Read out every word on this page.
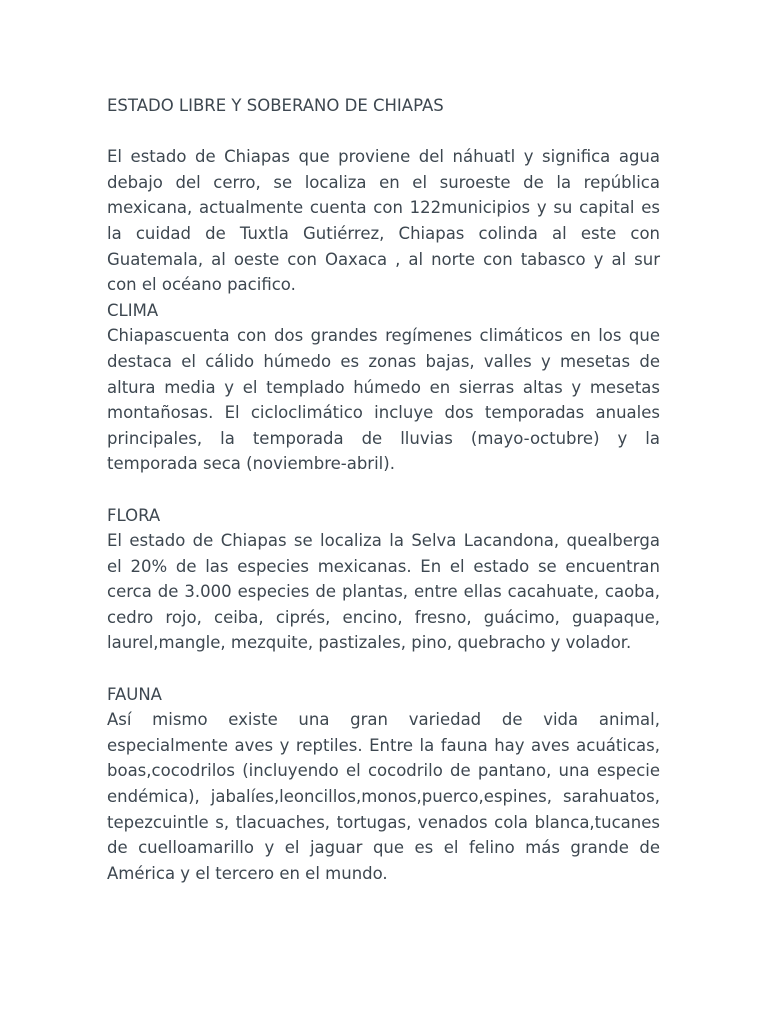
ESTADO LIBRE Y SOBERANO DE CHIAPAS

El estado de Chiapas que proviene del náhuatl y significa agua debajo del cerro, se localiza en el suroeste de la república mexicana, actualmente cuenta con 122municipios y su capital es la cuidad de Tuxtla Gutiérrez, Chiapas colinda al este con Guatemala, al oeste con Oaxaca , al norte con tabasco y al sur con el océano pacifico.

CLIMA

Chiapascuenta con dos grandes regímenes climáticos en los que destaca el cálido húmedo es zonas bajas, valles y mesetas de altura media y el templado húmedo en sierras altas y mesetas montañosas. El cicloclimático incluye dos temporadas anuales principales, la temporada de lluvias (mayo-octubre) y la temporada seca (noviembre-abril).

FLORA

El estado de Chiapas se localiza la Selva Lacandona, quealberga el 20% de las especies mexicanas. En el estado se encuentran cerca de 3.000 especies de plantas, entre ellas cacahuate, caoba, cedro rojo, ceiba, ciprés, encino, fresno, guácimo, guapaque, laurel,mangle, mezquite, pastizales, pino, quebracho y volador.

FAUNA

Así mismo existe una gran variedad de vida animal, especialmente aves y reptiles. Entre la fauna hay aves acuáticas, boas,cocodrilos (incluyendo el cocodrilo de pantano, una especie endémica), jabalíes,leoncillos,monos,puerco,espines, sarahuatos, tepezcuintle s, tlacuaches, tortugas, venados cola blanca,tucanes de cuelloamarillo y el jaguar que es el felino más grande de América y el tercero en el mundo.
